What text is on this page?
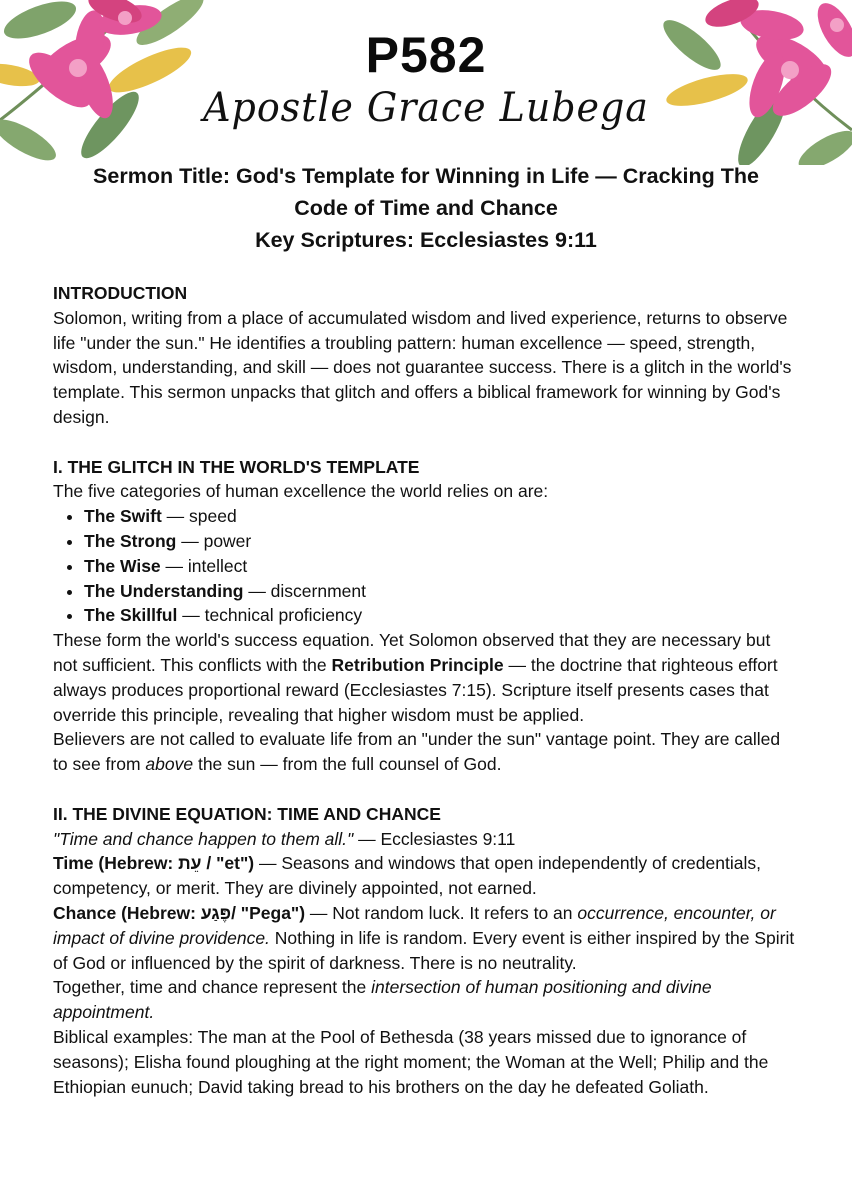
P582
Apostle Grace Lubega
Sermon Title: God's Template for Winning in Life — Cracking The
Code of Time and Chance
Key Scriptures: Ecclesiastes 9:11
INTRODUCTION

Solomon, writing from a place of accumulated wisdom and lived experience, returns to observe life "under the sun." He identifies a troubling pattern: human excellence — speed, strength, wisdom, understanding, and skill — does not guarantee success. There is a glitch in the world's template. This sermon unpacks that glitch and offers a biblical framework for winning by God's design.

I. THE GLITCH IN THE WORLD'S TEMPLATE

The five categories of human excellence the world relies on are:

• The Swift — speed
• The Strong — power
• The Wise — intellect
• The Understanding — discernment
• The Skillful — technical proficiency

These form the world's success equation. Yet Solomon observed that they are necessary but not sufficient. This conflicts with the Retribution Principle — the doctrine that righteous effort always produces proportional reward (Ecclesiastes 7:15). Scripture itself presents cases that override this principle, revealing that higher wisdom must be applied.

Believers are not called to evaluate life from an "under the sun" vantage point. They are called to see from above the sun — from the full counsel of God.

II. THE DIVINE EQUATION: TIME AND CHANCE

"Time and chance happen to them all." — Ecclesiastes 9:11

Time (Hebrew: עֵת / "et") — Seasons and windows that open independently of credentials, competency, or merit. They are divinely appointed, not earned.

Chance (Hebrew: פֶּגַע/ "Pega") — Not random luck. It refers to an occurrence, encounter, or impact of divine providence. Nothing in life is random. Every event is either inspired by the Spirit of God or influenced by the spirit of darkness. There is no neutrality.

Together, time and chance represent the intersection of human positioning and divine appointment.

Biblical examples: The man at the Pool of Bethesda (38 years missed due to ignorance of seasons); Elisha found ploughing at the right moment; the Woman at the Well; Philip and the Ethiopian eunuch; David taking bread to his brothers on the day he defeated Goliath.
